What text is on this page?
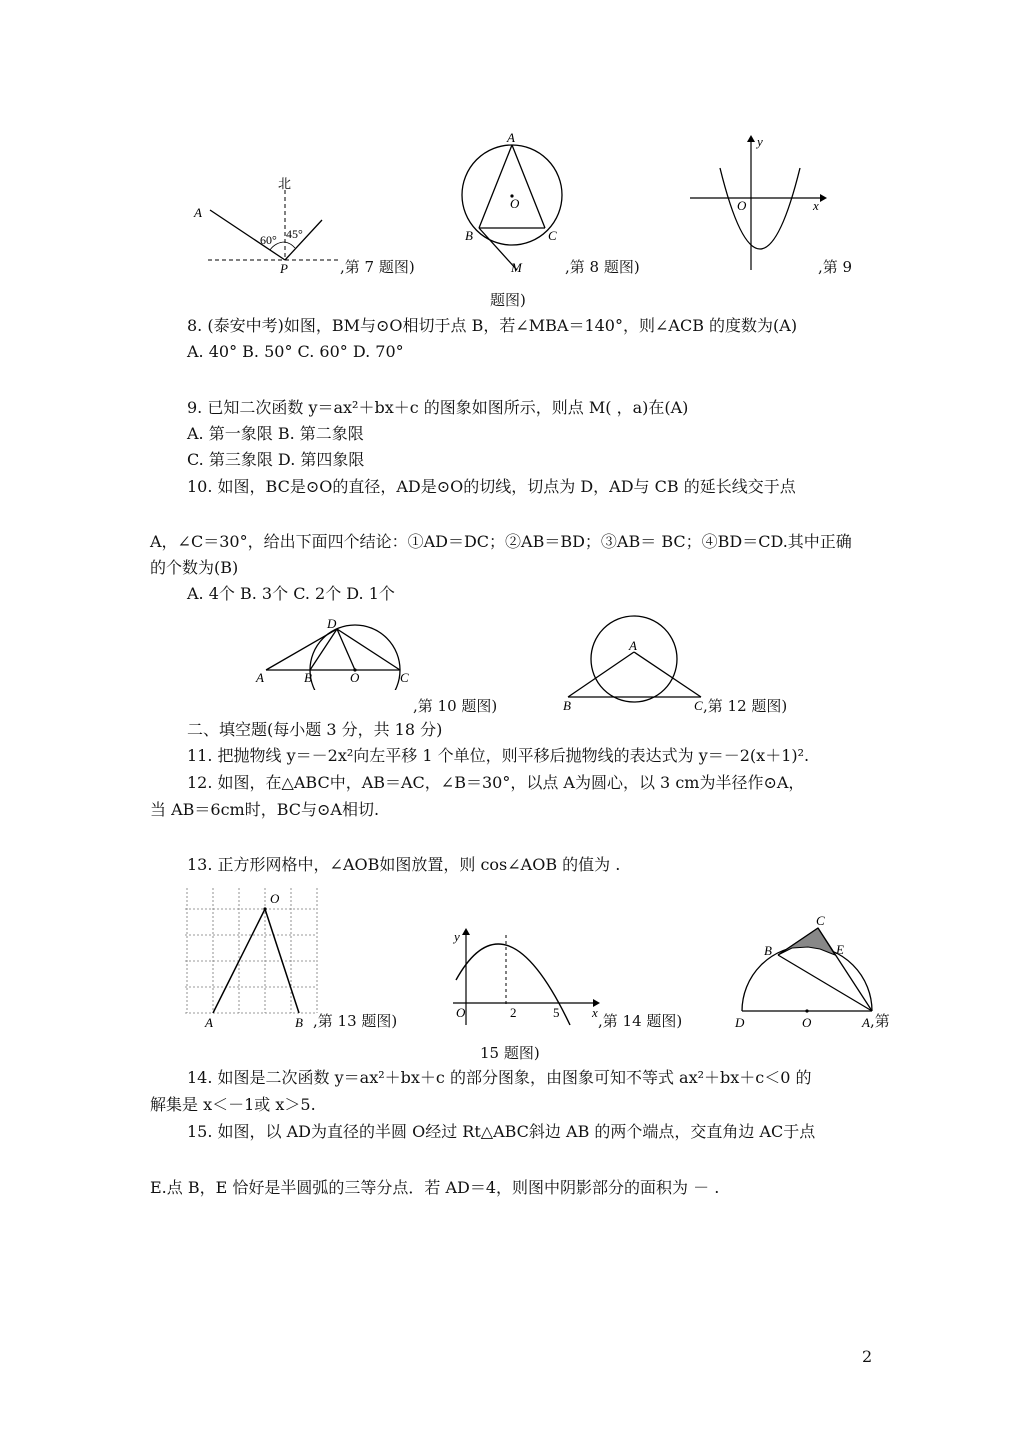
北
A
60° 45°
P	,第 7 题图)
A
O
B	C
M	,第 8 题图)
y
O	x
,第 9
题图)
8. (泰安中考)如图，BM与⊙O相切于点 B，若∠MBA＝140°，则∠ACB 的度数为(A)
A. 40° B. 50° C. 60° D. 70°
9. 已知二次函数 y＝ax²＋bx＋c 的图象如图所示，则点 M( ，a)在(A)
A. 第一象限 B. 第二象限
C. 第三象限 D. 第四象限
10. 如图，BC是⊙O的直径，AD是⊙O的切线，切点为 D，AD与 CB 的延长线交于点
A，∠C＝30°，给出下面四个结论：①AD＝DC；②AB＝BD；③AB＝ BC；④BD＝CD.其中正确
的个数为(B)
A. 4个 B. 3个 C. 2个 D. 1个
D
A	B	O	C
,第 10 题图)
A
B	C ,第 12 题图)
二、填空题(每小题 3 分，共 18 分)
11. 把抛物线 y＝－2x²向左平移 1 个单位，则平移后抛物线的表达式为 y＝－2(x＋1)².
12. 如图，在△ABC中，AB＝AC，∠B＝30°，以点 A为圆心，以 3 cm为半径作⊙A，
当 AB＝6cm时，BC与⊙A相切.
13. 正方形网格中，∠AOB如图放置，则 cos∠AOB 的值为 .
O
A	B ,第 13 题图)
y
O	2	5	x ,第 14 题图)
C
B	E
D	O	A ,第
15 题图)
14. 如图是二次函数 y＝ax²＋bx＋c 的部分图象，由图象可知不等式 ax²＋bx＋c＜0 的
解集是 x＜－1或 x＞5.
15. 如图，以 AD为直径的半圆 O经过 Rt△ABC斜边 AB 的两个端点，交直角边 AC于点
E.点 B，E 恰好是半圆弧的三等分点．若 AD＝4，则图中阴影部分的面积为 － .
2
